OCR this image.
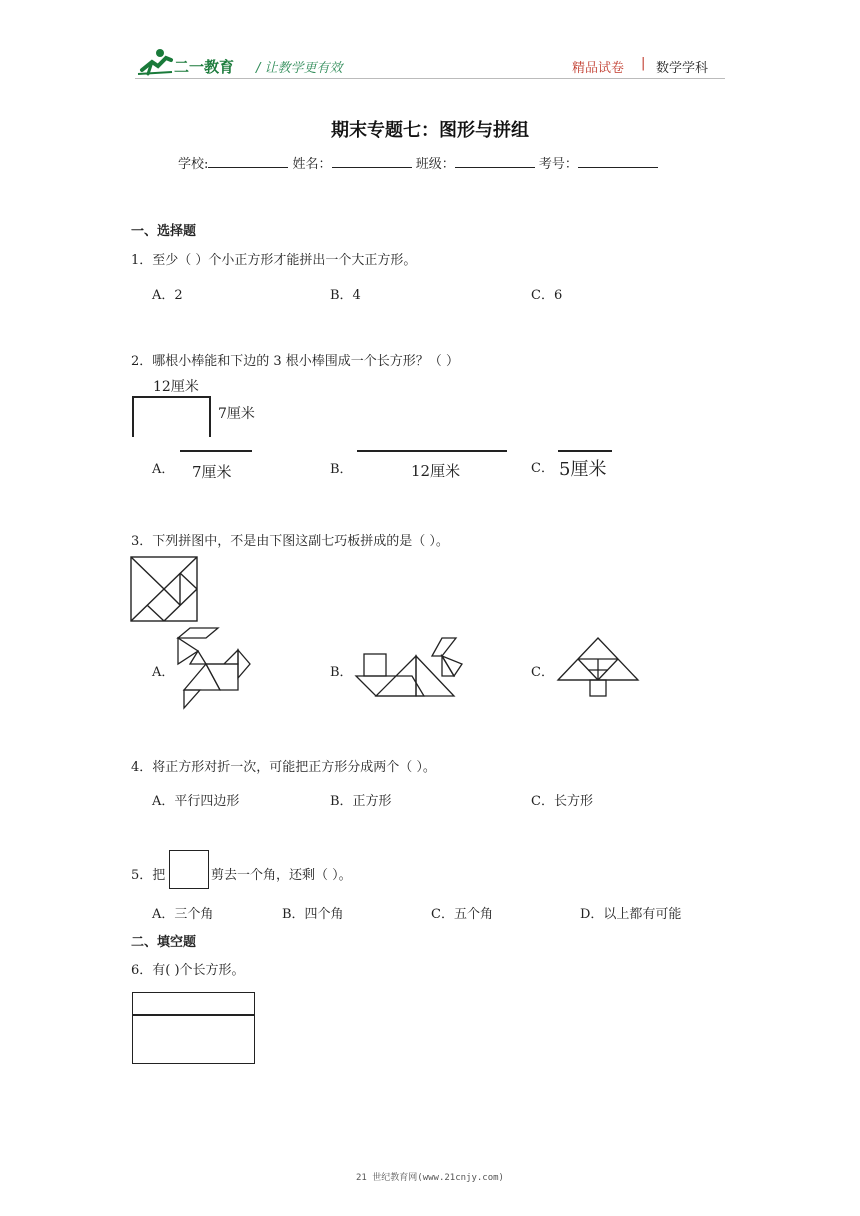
二一教育 / 让教学更有效	精品试卷 | 数学学科
期末专题七：图形与拼组
学校:	姓名：	班级：	考号：
一、选择题
1．至少（ ）个小正方形才能拼出一个大正方形。
A．2	B．4	C．6
2．哪根小棒能和下边的 3 根小棒围成一个长方形？（ ）
12厘米
7厘米
A． 7厘米	B．	12厘米	C． 5厘米
3．下列拼图中，不是由下图这副七巧板拼成的是（ ）。
A．	B．	C．
4．将正方形对折一次，可能把正方形分成两个（ ）。
A．平行四边形	B．正方形	C．长方形
5．把	剪去一个角，还剩（ ）。
A．三个角	B．四个角	C．五个角	D．以上都有可能
二、填空题
6．有( )个长方形。
21 世纪教育网(www.21cnjy.com)
